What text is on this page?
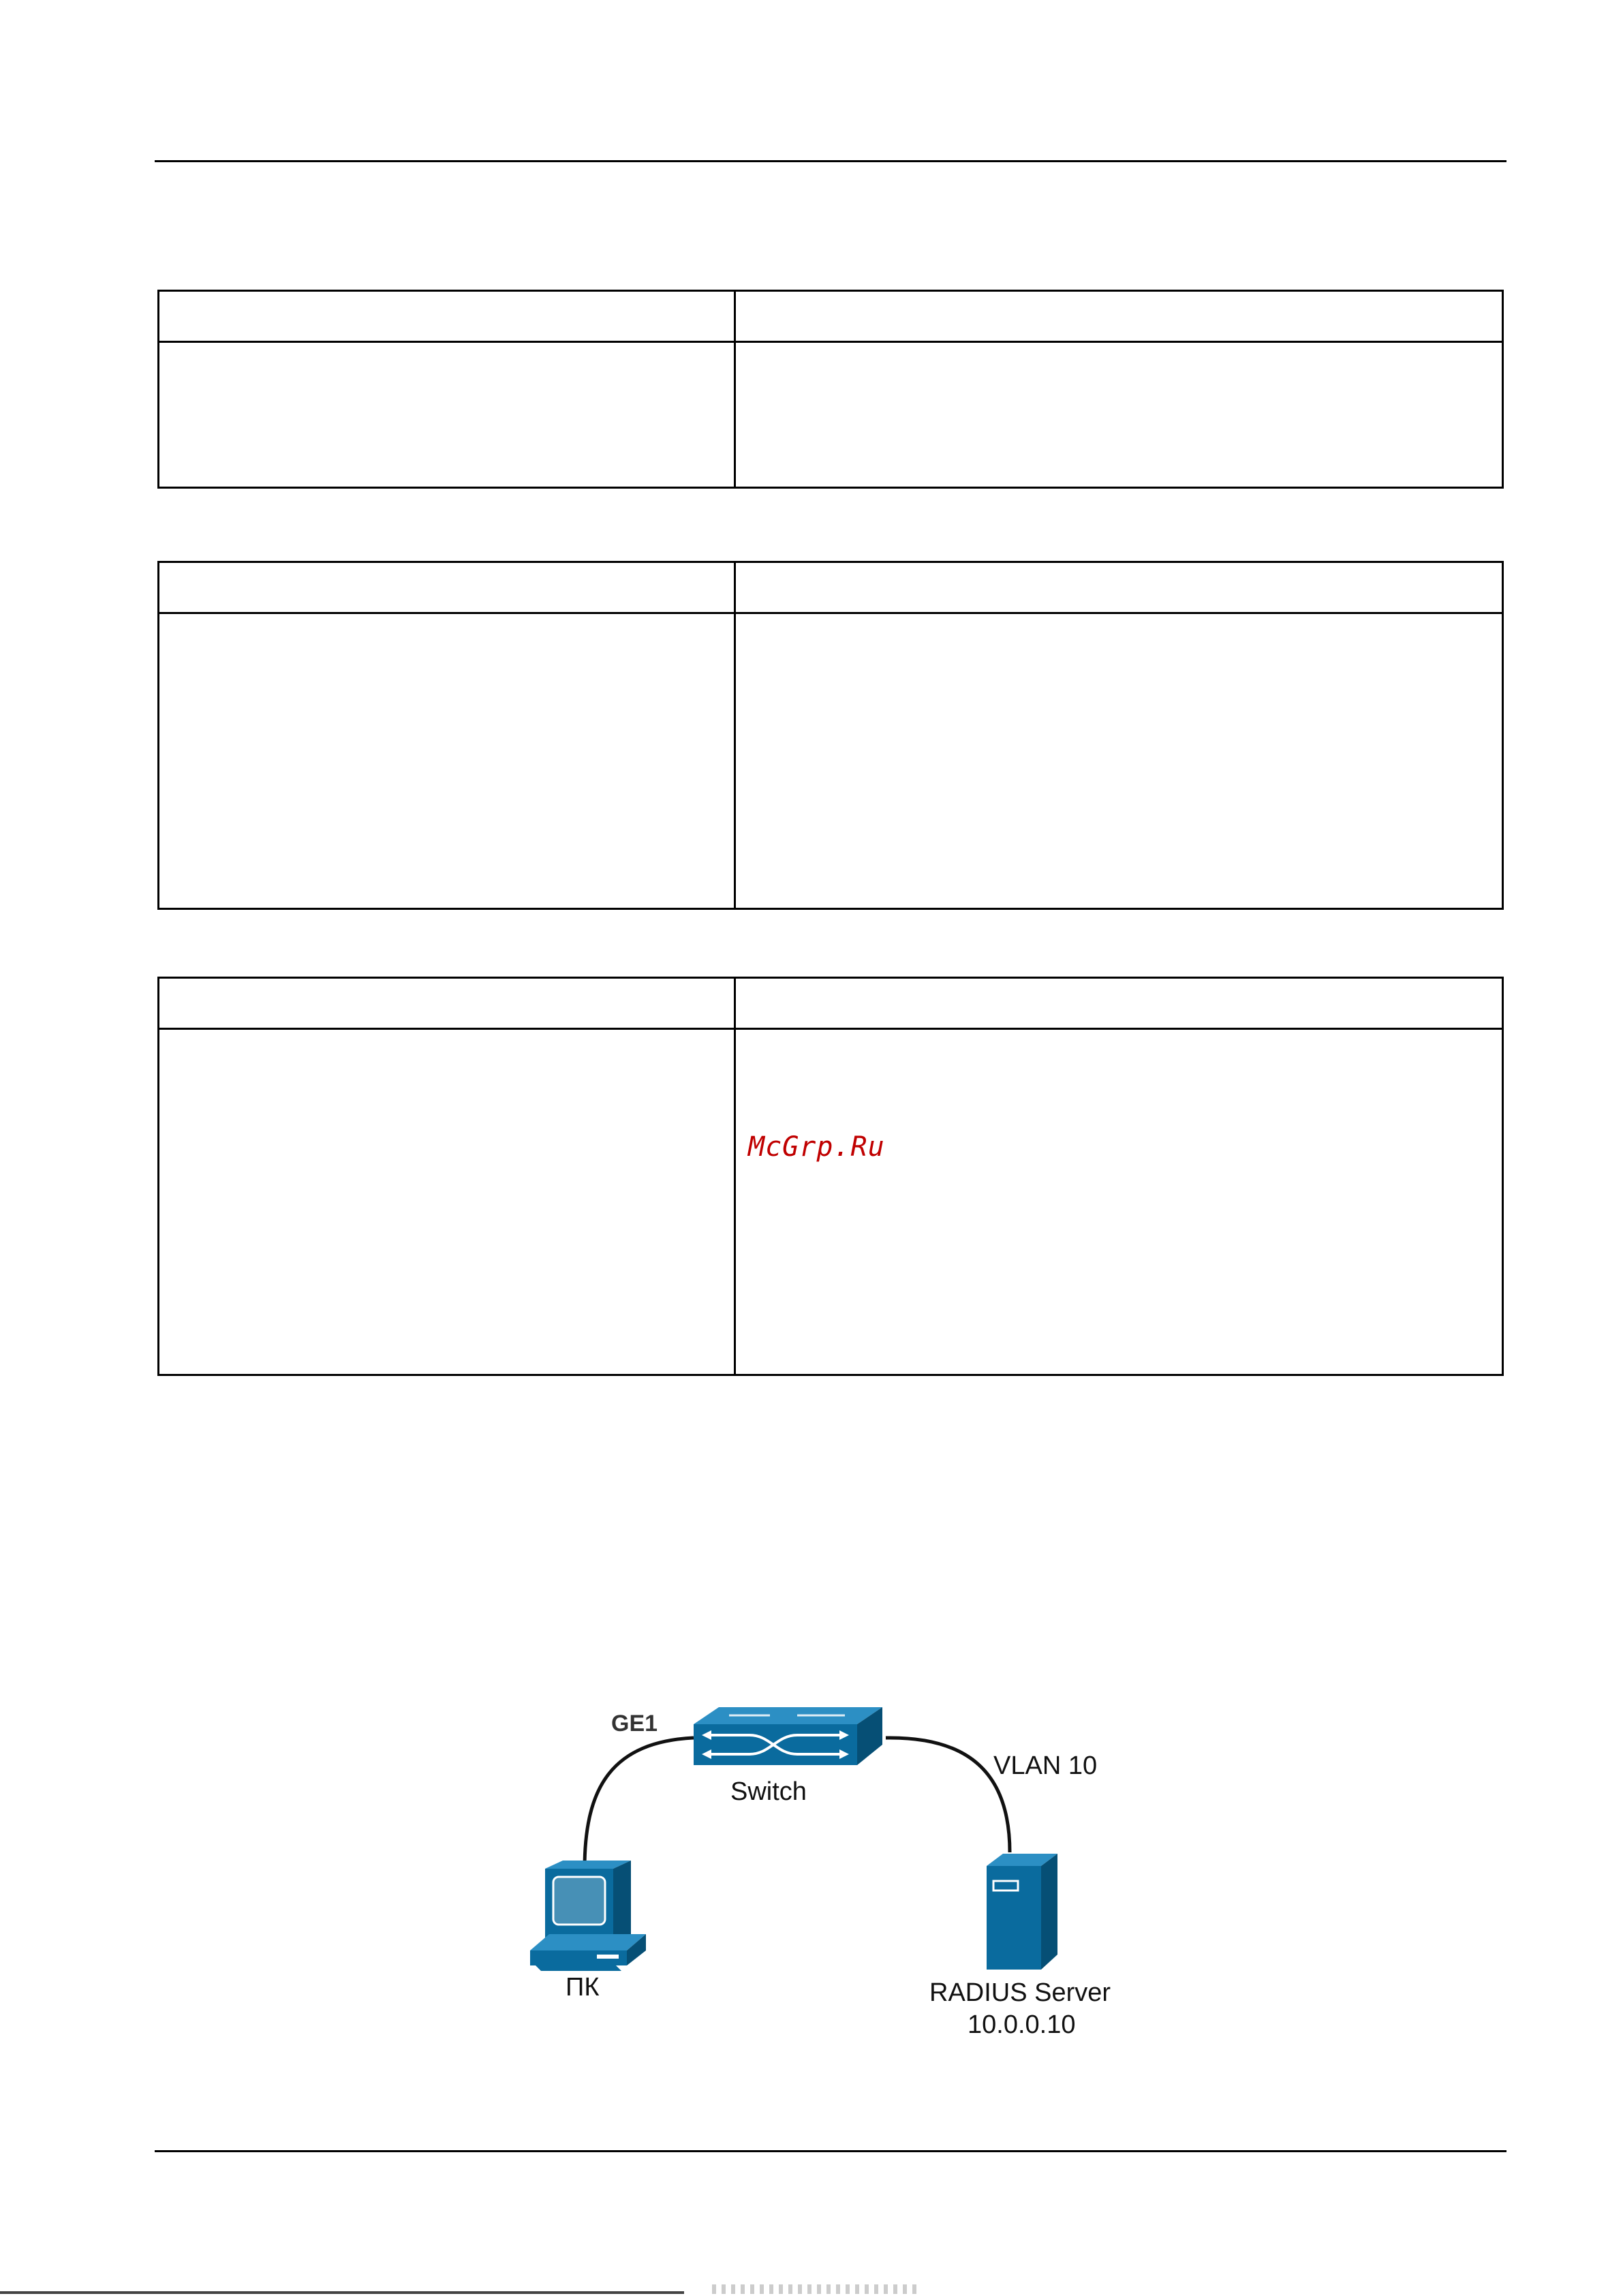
McGrp.Ru
GE1
Switch
VLAN 10
ПК	RADIUS Server
10.0.0.10
